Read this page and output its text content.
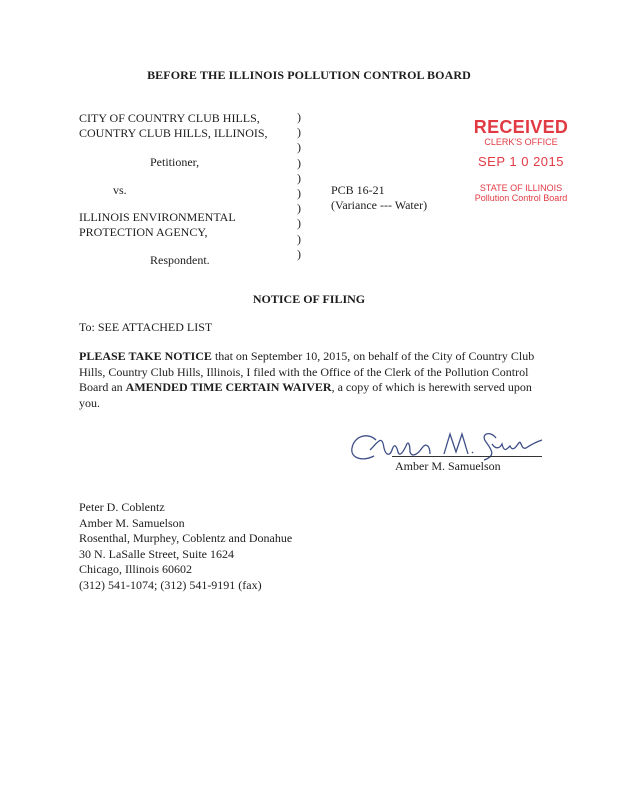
BEFORE THE ILLINOIS POLLUTION CONTROL BOARD
CITY OF COUNTRY CLUB HILLS,
COUNTRY CLUB HILLS, ILLINOIS,
Petitioner,
vs.
ILLINOIS ENVIRONMENTAL
PROTECTION AGENCY,
Respondent.
)
)
)
)
)
)
)
)
)
)
PCB 16-21
(Variance --- Water)
RECEIVED
CLERK'S OFFICE
SEP 1 0 2015
STATE OF ILLINOIS
Pollution Control Board
NOTICE OF FILING
To: SEE ATTACHED LIST
PLEASE TAKE NOTICE that on September 10, 2015, on behalf of the City of Country Club Hills, Country Club Hills, Illinois, I filed with the Office of the Clerk of the Pollution Control Board an AMENDED TIME CERTAIN WAIVER, a copy of which is herewith served upon you.
Amber M. Samuelson
Peter D. Coblentz
Amber M. Samuelson
Rosenthal, Murphey, Coblentz and Donahue
30 N. LaSalle Street, Suite 1624
Chicago, Illinois 60602
(312) 541-1074; (312) 541-9191 (fax)
